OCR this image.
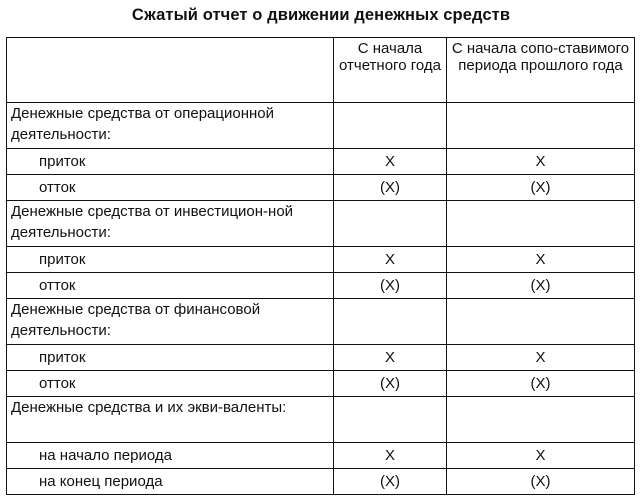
Сжатый отчет о движении денежных средств
	С начала отчетного года	С начала сопо-ставимого периода прошлого года
Денежные средства от операционной деятельности:		
приток	X	X
отток	(X)	(X)
Денежные средства от инвестицион-ной деятельности:		
приток	X	X
отток	(X)	(X)
Денежные средства от финансовой деятельности:		
приток	X	X
отток	(X)	(X)
Денежные средства и их экви-валенты:		
на начало периода	X	X
на конец периода	(X)	(X)
